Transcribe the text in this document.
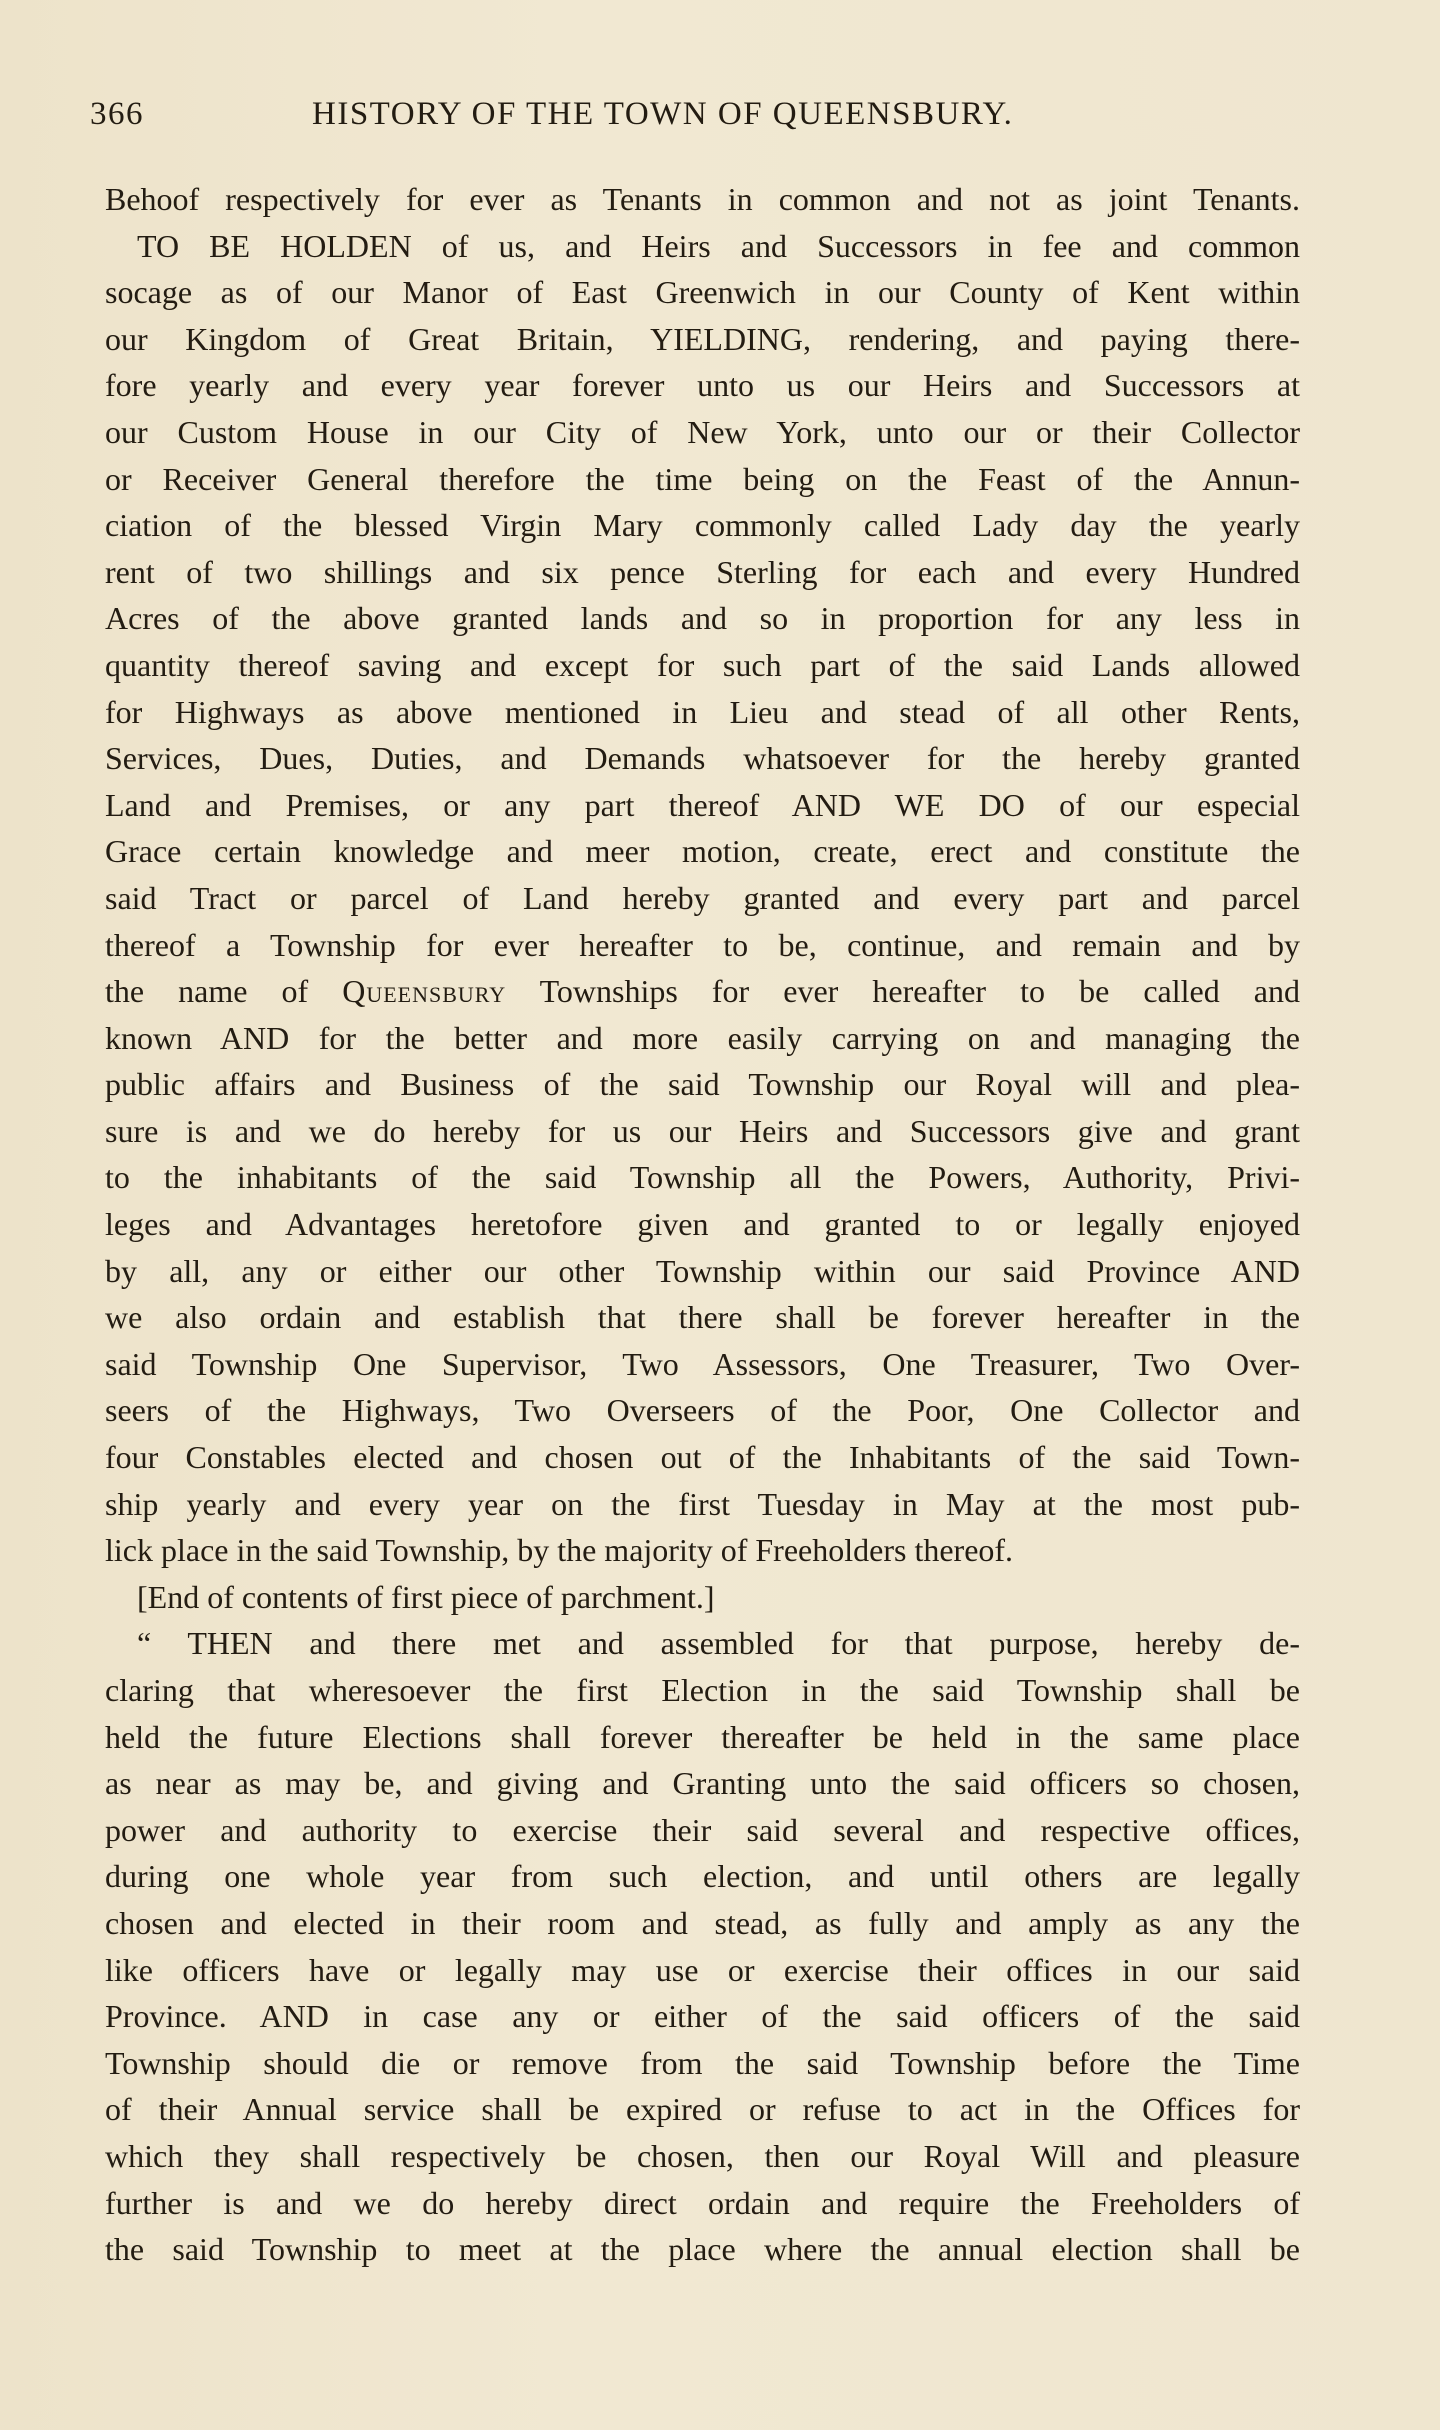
366	HISTORY OF THE TOWN OF QUEENSBURY.
Behoof respectively for ever as Tenants in common and not as joint Tenants.
TO BE HOLDEN of us, and Heirs and Successors in fee and common
socage as of our Manor of East Greenwich in our County of Kent within
our Kingdom of Great Britain, YIELDING, rendering, and paying there-
fore yearly and every year forever unto us our Heirs and Successors at
our Custom House in our City of New York, unto our or their Collector
or Receiver General therefore the time being on the Feast of the Annun-
ciation of the blessed Virgin Mary commonly called Lady day the yearly
rent of two shillings and six pence Sterling for each and every Hundred
Acres of the above granted lands and so in proportion for any less in
quantity thereof saving and except for such part of the said Lands allowed
for Highways as above mentioned in Lieu and stead of all other Rents,
Services, Dues, Duties, and Demands whatsoever for the hereby granted
Land and Premises, or any part thereof AND WE DO of our especial
Grace certain knowledge and meer motion, create, erect and constitute the
said Tract or parcel of Land hereby granted and every part and parcel
thereof a Township for ever hereafter to be, continue, and remain and by
the name of Queensbury Townships for ever hereafter to be called and
known AND for the better and more easily carrying on and managing the
public affairs and Business of the said Township our Royal will and plea-
sure is and we do hereby for us our Heirs and Successors give and grant
to the inhabitants of the said Township all the Powers, Authority, Privi-
leges and Advantages heretofore given and granted to or legally enjoyed
by all, any or either our other Township within our said Province AND
we also ordain and establish that there shall be forever hereafter in the
said Township One Supervisor, Two Assessors, One Treasurer, Two Over-
seers of the Highways, Two Overseers of the Poor, One Collector and
four Constables elected and chosen out of the Inhabitants of the said Town-
ship yearly and every year on the first Tuesday in May at the most pub-
lick place in the said Township, by the majority of Freeholders thereof.
[End of contents of first piece of parchment.]
“ THEN and there met and assembled for that purpose, hereby de-
claring that wheresoever the first Election in the said Township shall be
held the future Elections shall forever thereafter be held in the same place
as near as may be, and giving and Granting unto the said officers so chosen,
power and authority to exercise their said several and respective offices,
during one whole year from such election, and until others are legally
chosen and elected in their room and stead, as fully and amply as any the
like officers have or legally may use or exercise their offices in our said
Province. AND in case any or either of the said officers of the said
Township should die or remove from the said Township before the Time
of their Annual service shall be expired or refuse to act in the Offices for
which they shall respectively be chosen, then our Royal Will and pleasure
further is and we do hereby direct ordain and require the Freeholders of
the said Township to meet at the place where the annual election shall be
